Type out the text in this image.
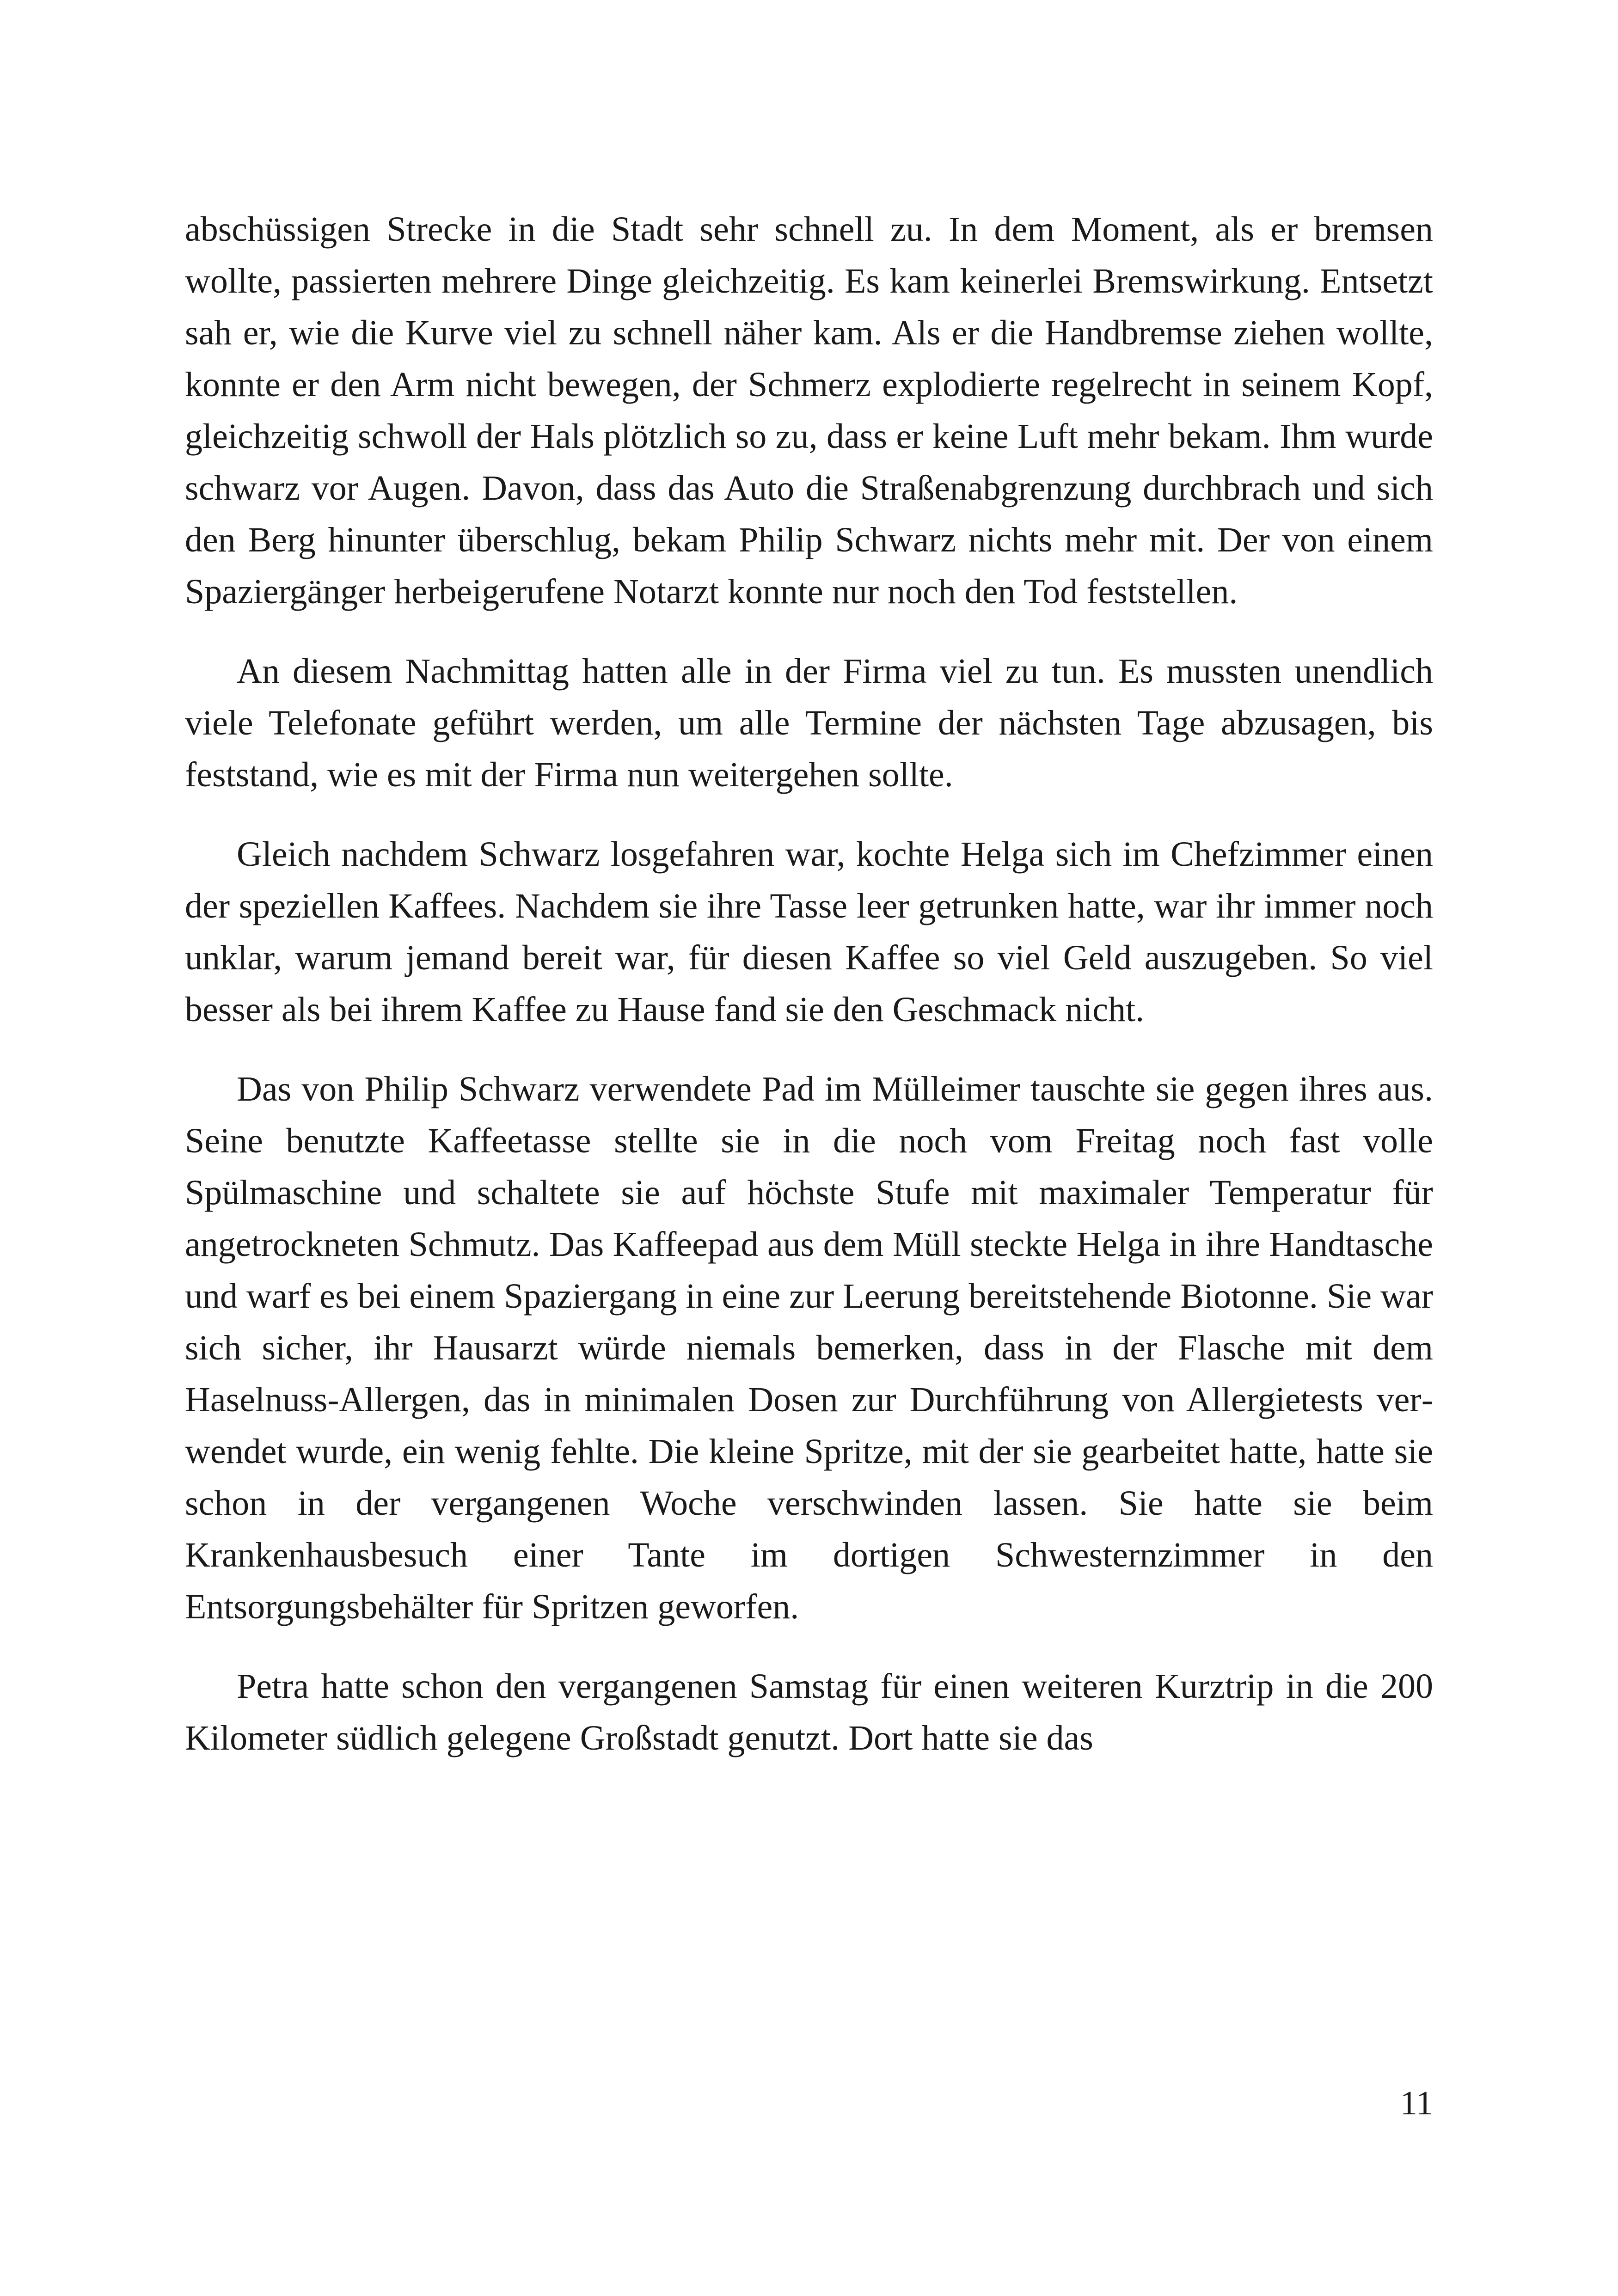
abschüssigen Strecke in die Stadt sehr schnell zu. In dem Moment, als er bremsen wollte, passierten mehrere Dinge gleichzeitig. Es kam keinerlei Bremswirkung. Entsetzt sah er, wie die Kurve viel zu schnell näher kam. Als er die Handbremse ziehen wollte, konnte er den Arm nicht bewegen, der Schmerz explodierte regelrecht in seinem Kopf, gleichzeitig schwoll der Hals plötzlich so zu, dass er keine Luft mehr bekam. Ihm wurde schwarz vor Augen. Davon, dass das Auto die Straßenabgrenzung durchbrach und sich den Berg hinunter überschlug, bekam Philip Schwarz nichts mehr mit. Der von einem Spaziergänger herbeigerufene Notarzt konnte nur noch den Tod feststellen.

An diesem Nachmittag hatten alle in der Firma viel zu tun. Es mussten unendlich viele Telefonate geführt werden, um alle Termine der nächsten Tage abzusagen, bis feststand, wie es mit der Firma nun weitergehen sollte.

Gleich nachdem Schwarz losgefahren war, kochte Helga sich im Chefzimmer einen der speziellen Kaffees. Nachdem sie ihre Tasse leer getrunken hatte, war ihr immer noch unklar, warum jemand bereit war, für diesen Kaffee so viel Geld auszugeben. So viel besser als bei ihrem Kaffee zu Hause fand sie den Geschmack nicht.

Das von Philip Schwarz verwendete Pad im Mülleimer tauschte sie gegen ihres aus. Seine benutzte Kaffeetasse stellte sie in die noch vom Freitag noch fast volle Spülmaschine und schaltete sie auf höchste Stufe mit maximaler Temperatur für angetrockneten Schmutz. Das Kaffeepad aus dem Müll steckte Helga in ihre Handtasche und warf es bei einem Spaziergang in eine zur Leerung bereitstehende Biotonne. Sie war sich sicher, ihr Hausarzt würde niemals bemerken, dass in der Flasche mit dem Haselnuss-Allergen, das in minimalen Dosen zur Durchführung von Allergietests verwendet wurde, ein wenig fehlte. Die kleine Spritze, mit der sie gearbeitet hatte, hatte sie schon in der vergangenen Woche verschwinden lassen. Sie hatte sie beim Krankenhausbesuch einer Tante im dortigen Schwesternzimmer in den Entsorgungsbehälter für Spritzen geworfen.

Petra hatte schon den vergangenen Samstag für einen weiteren Kurztrip in die 200 Kilometer südlich gelegene Großstadt genutzt. Dort hatte sie das

11
